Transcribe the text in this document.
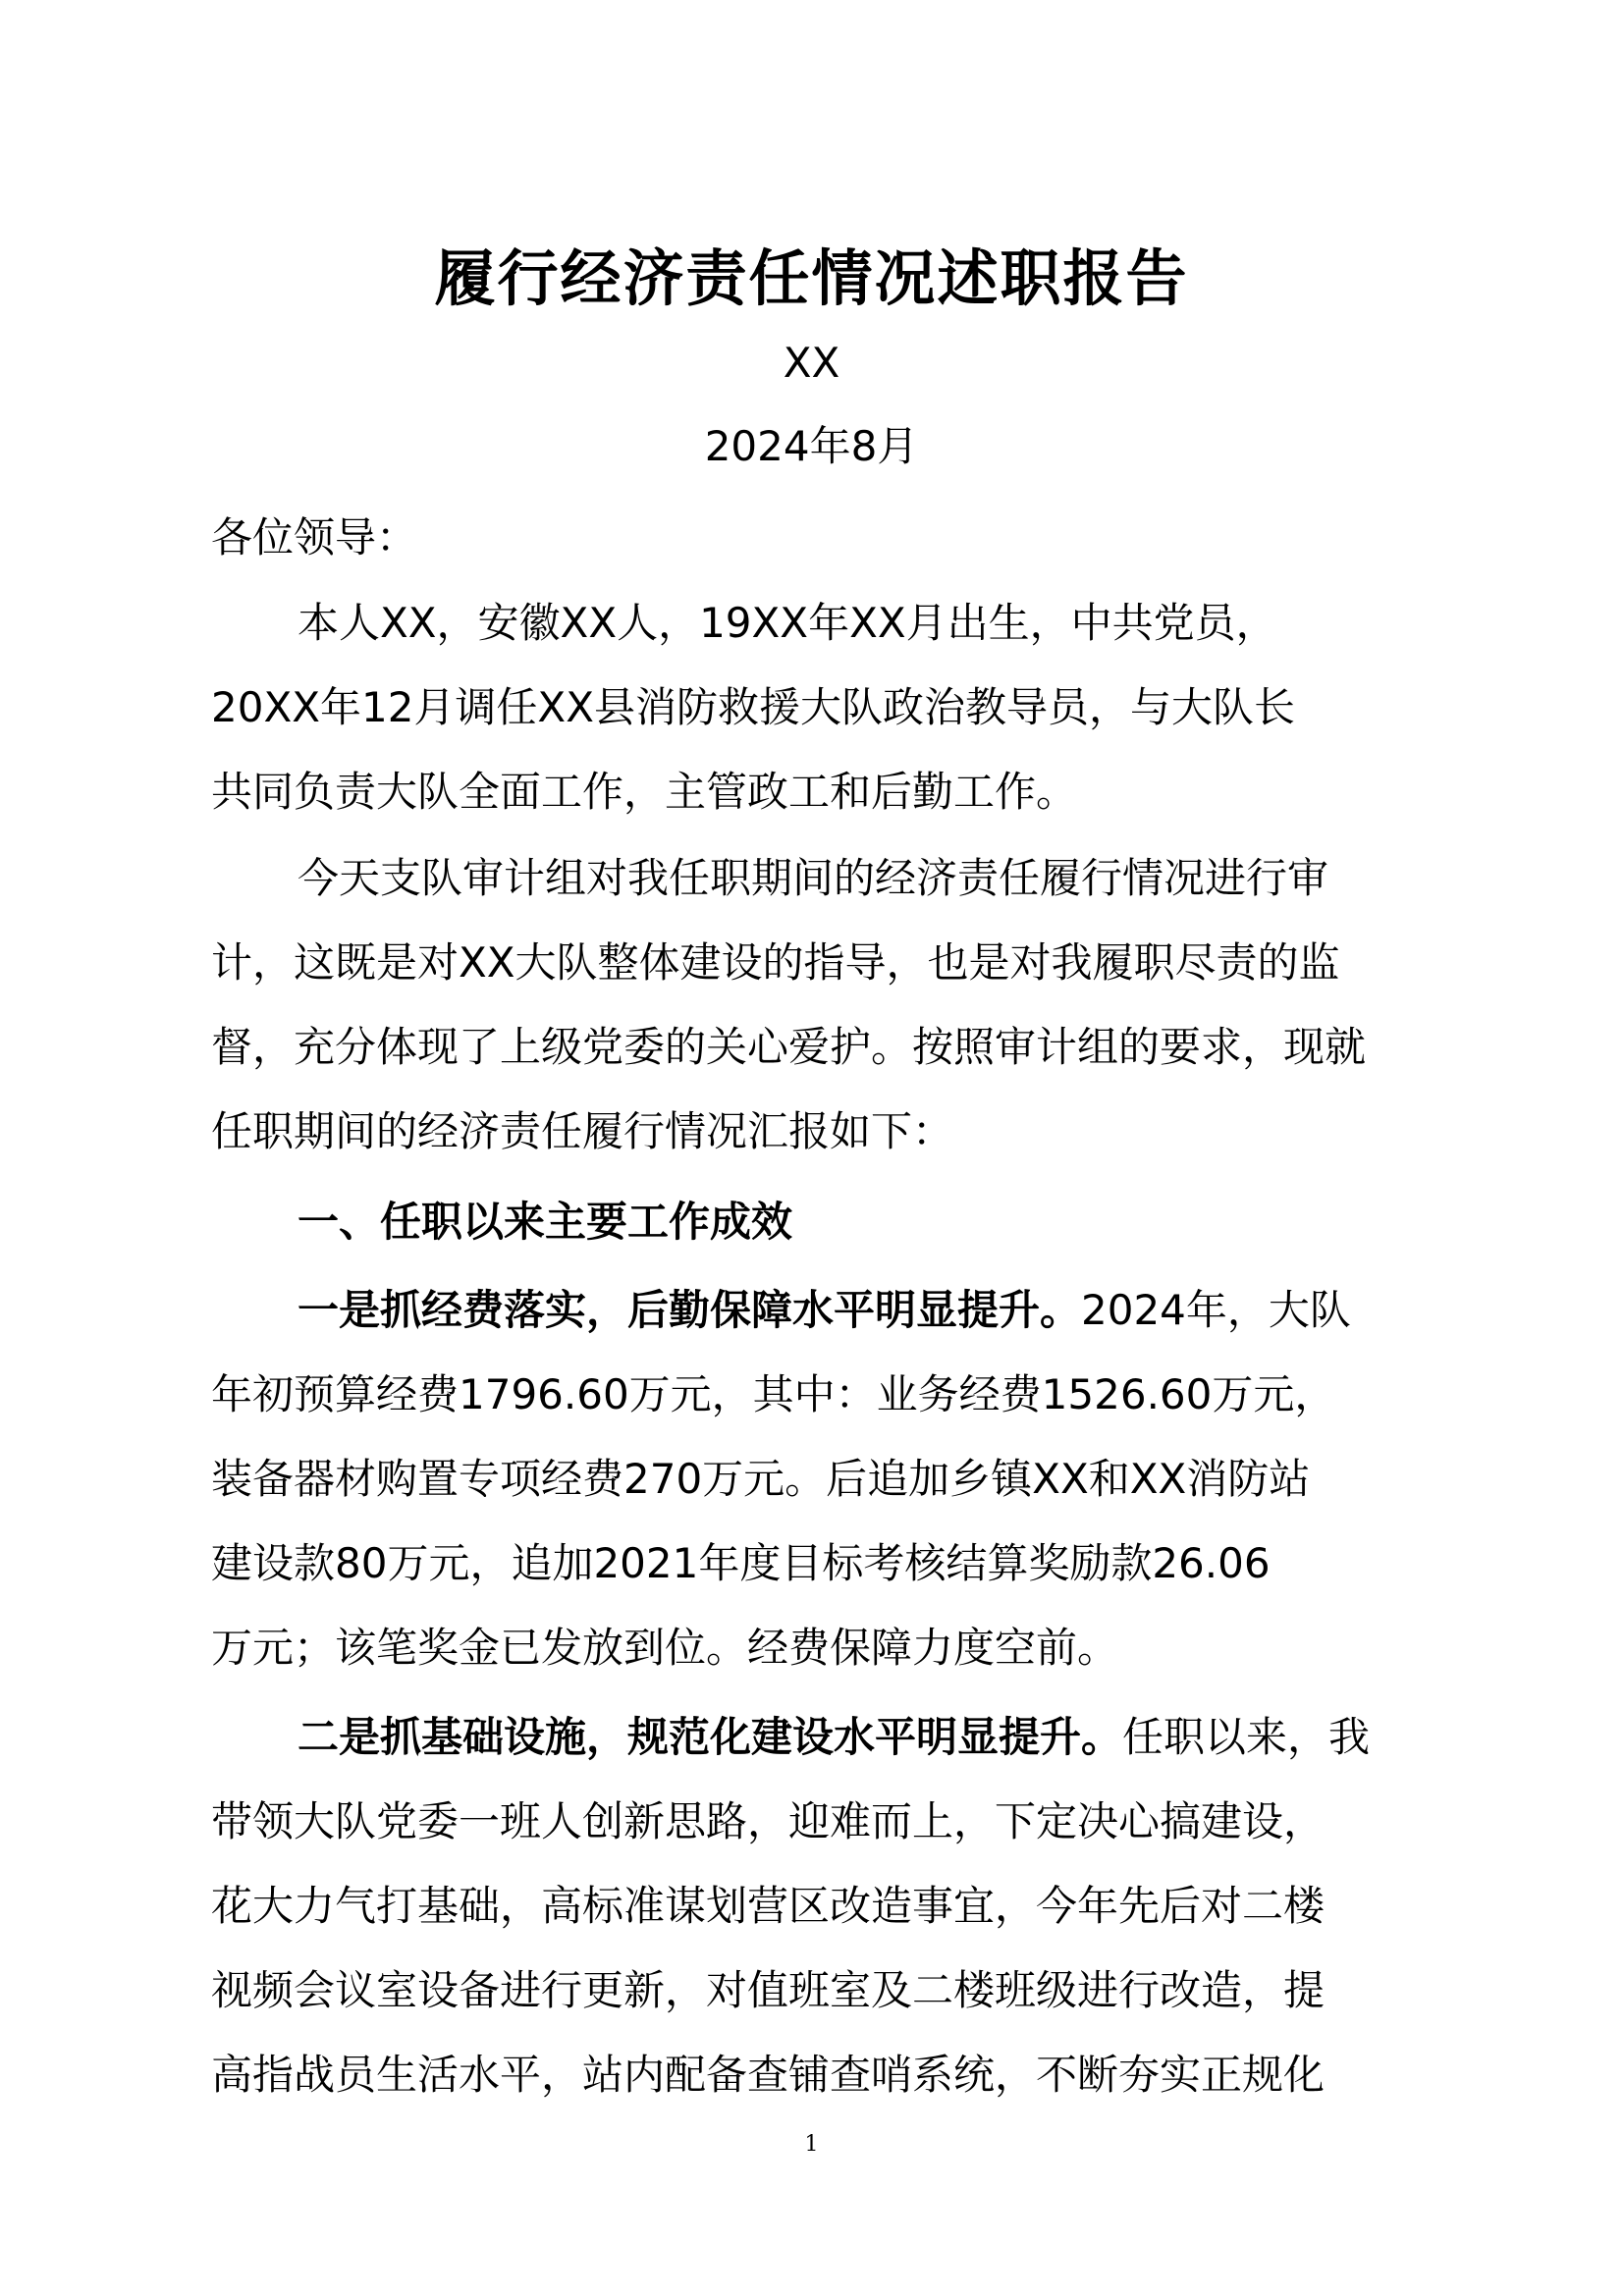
履行经济责任情况述职报告
XX
2024年8月
各位领导：
本人XX，安徽XX人，19XX年XX月出生，中共党员，
20XX年12月调任XX县消防救援大队政治教导员，与大队长
共同负责大队全面工作，主管政工和后勤工作。
今天支队审计组对我任职期间的经济责任履行情况进行审
计，这既是对XX大队整体建设的指导，也是对我履职尽责的监
督，充分体现了上级党委的关心爱护。按照审计组的要求，现就
任职期间的经济责任履行情况汇报如下：
一、任职以来主要工作成效
一是抓经费落实，后勤保障水平明显提升。2024年，大队
年初预算经费1796.60万元，其中：业务经费1526.60万元，
装备器材购置专项经费270万元。后追加乡镇XX和XX消防站
建设款80万元，追加2021年度目标考核结算奖励款26.06
万元；该笔奖金已发放到位。经费保障力度空前。
二是抓基础设施，规范化建设水平明显提升。任职以来，我
带领大队党委一班人创新思路，迎难而上，下定决心搞建设，
花大力气打基础，高标准谋划营区改造事宜，今年先后对二楼
视频会议室设备进行更新，对值班室及二楼班级进行改造，提
高指战员生活水平，站内配备查铺查哨系统，不断夯实正规化
1
